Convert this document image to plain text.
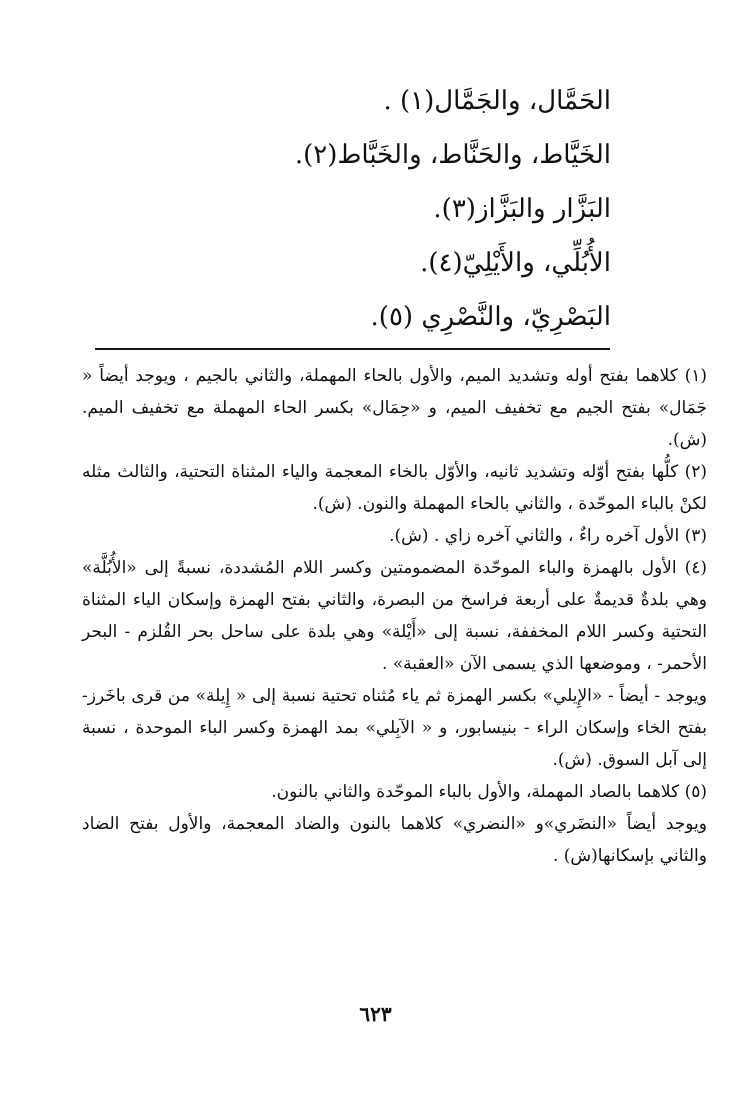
الحَمَّال، والجَمَّال(١) .
الخَيَّاط، والحَنَّاط، والخَبَّاط(٢).
البَزَّار والبَزَّاز(٣).
الأُبُلِّي، والأَيْلِيّ(٤).
البَصْرِيّ، والنَّصْرِي (٥).

(١) كلاهما بفتح أوله وتشديد الميم، والأول بالحاء المهملة، والثاني بالجيم ، ويوجد أيضاً « جَمَال» بفتح الجيم مع تخفيف الميم، و «حِمَال» بكسر الحاء المهملة مع تخفيف الميم. (ش).

(٢) كلُّها بفتح أوّله وتشديد ثانيه، والأوّل بالخاء المعجمة والياء المثناة التحتية، والثالث مثله لكنْ بالباء الموحّدة ، والثاني بالحاء المهملة والنون. (ش).

(٣) الأول آخره راءٌ ، والثاني آخره زاي . (ش).

(٤) الأول بالهمزة والباء الموحّدة المضمومتين وكسر اللام المُشددة، نسبةً إلى «الأُبُلَّة» وهي بلدةٌ قديمةٌ على أربعة فراسخ من البصرة، والثاني بفتح الهمزة وإسكان الياء المثناة التحتية وكسر اللام المخففة، نسبة إلى «أَيْلة» وهي بلدة على ساحل بحر القُلزم - البحر الأحمر- ، وموضعها الذي يسمى الآن «العقبة» .

ويوجد - أيضاً - «الإِيلي» بكسر الهمزة ثم ياء مُثناه تحتية نسبة إلى « إِيلة» من قرى باخَرز- بفتح الخاء وإسكان الراء - بنيسابور، و « الآبِلي» بمد الهمزة وكسر الباء الموحدة ، نسبة إلى آبل السوق. (ش).

(٥) كلاهما بالصاد المهملة، والأول بالباء الموحّدة والثاني بالنون.

ويوجد أيضاً «النضَري»و «النضري» كلاهما بالنون والضاد المعجمة، والأول بفتح الضاد والثاني بإسكانها(ش) .

٦٢٣
